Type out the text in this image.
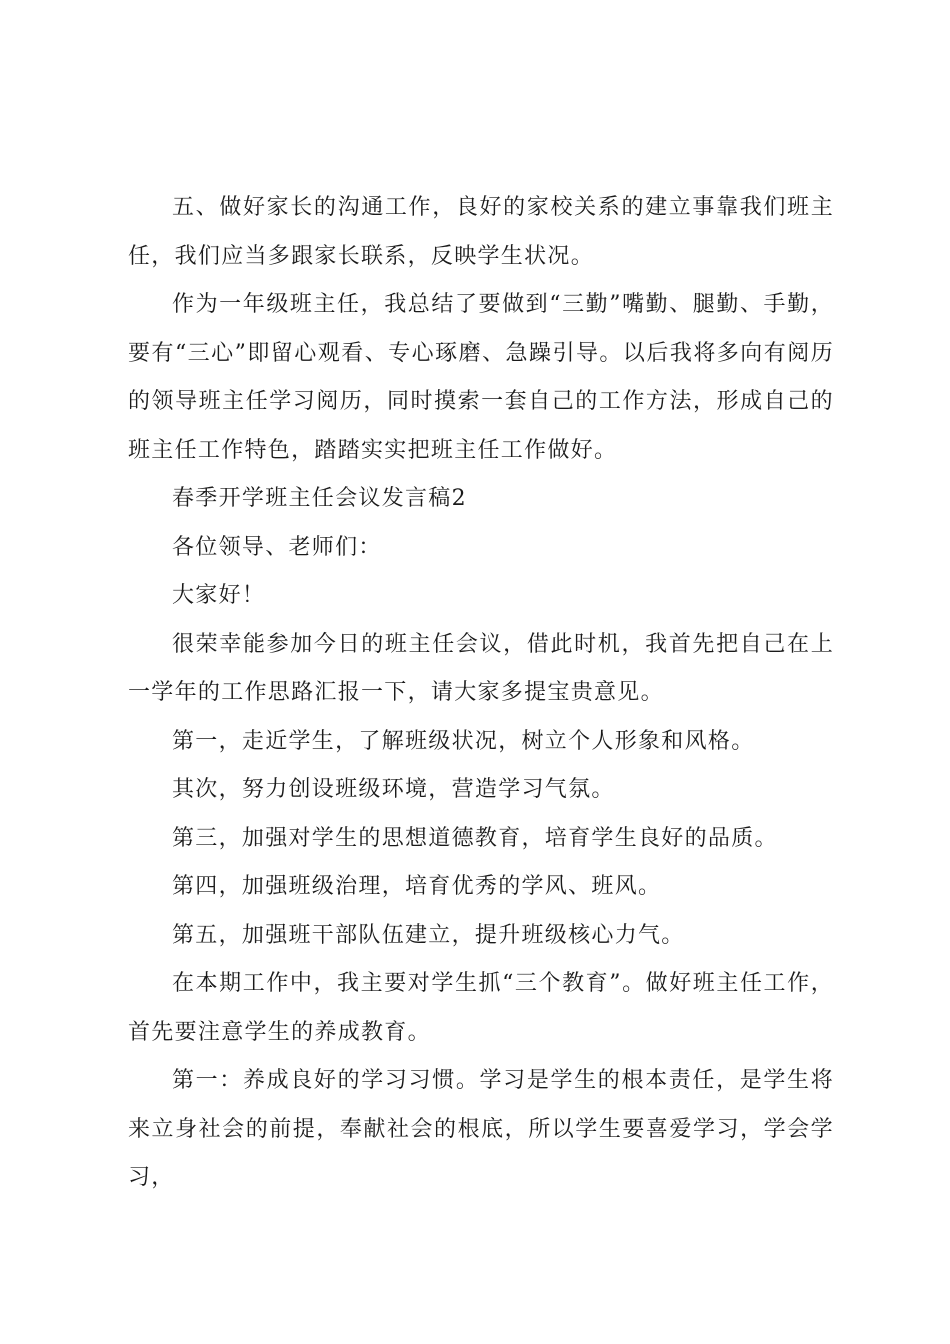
五、做好家长的沟通工作，良好的家校关系的建立事靠我们班主任，我们应当多跟家长联系，反映学生状况。

作为一年级班主任，我总结了要做到“三勤”嘴勤、腿勤、手勤，要有“三心”即留心观看、专心琢磨、急躁引导。以后我将多向有阅历的领导班主任学习阅历，同时摸索一套自己的工作方法，形成自己的班主任工作特色，踏踏实实把班主任工作做好。

春季开学班主任会议发言稿2

各位领导、老师们：

大家好！

很荣幸能参加今日的班主任会议，借此时机，我首先把自己在上一学年的工作思路汇报一下，请大家多提宝贵意见。

第一，走近学生，了解班级状况，树立个人形象和风格。

其次，努力创设班级环境，营造学习气氛。

第三，加强对学生的思想道德教育，培育学生良好的品质。

第四，加强班级治理，培育优秀的学风、班风。

第五，加强班干部队伍建立，提升班级核心力气。

在本期工作中，我主要对学生抓“三个教育”。做好班主任工作，首先要注意学生的养成教育。

第一：养成良好的学习习惯。学习是学生的根本责任，是学生将来立身社会的前提，奉献社会的根底，所以学生要喜爱学习，学会学习，
